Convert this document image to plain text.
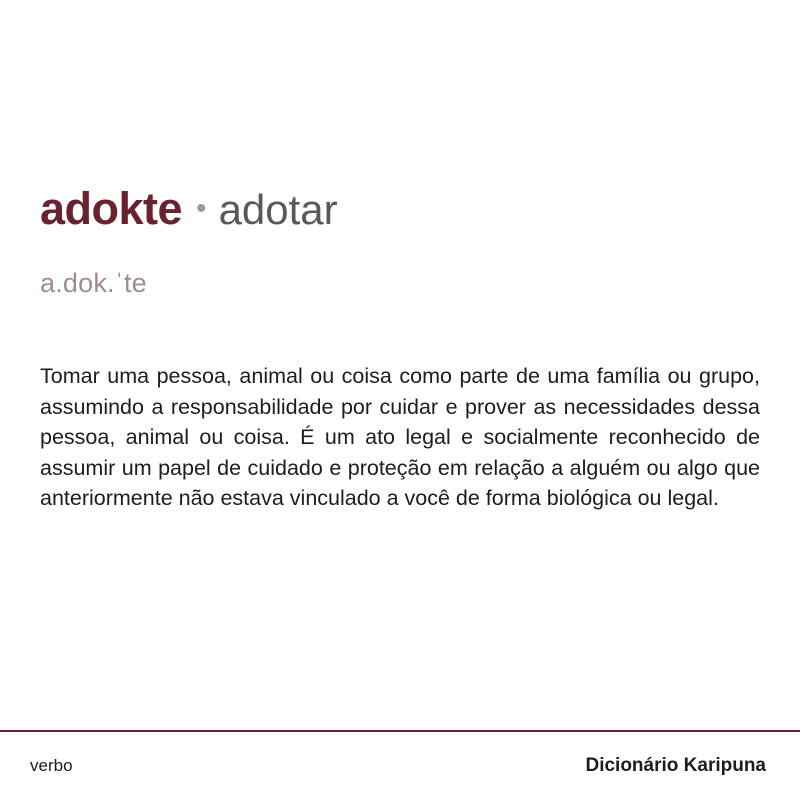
adokte • adotar
a.dok.ˈte
Tomar uma pessoa, animal ou coisa como parte de uma família ou grupo, assumindo a responsabilidade por cuidar e prover as necessidades dessa pessoa, animal ou coisa. É um ato legal e socialmente reconhecido de assumir um papel de cuidado e proteção em relação a alguém ou algo que anteriormente não estava vinculado a você de forma biológica ou legal.
verbo	Dicionário Karipuna
